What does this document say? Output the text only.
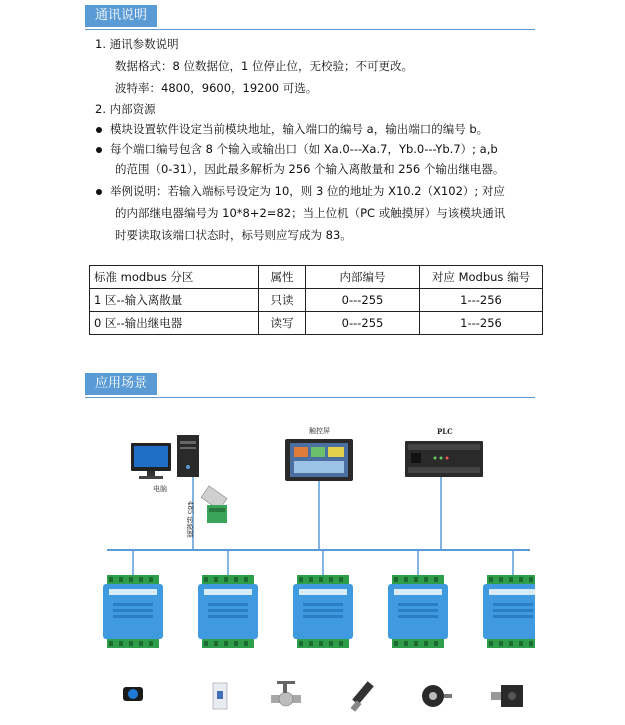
通讯说明
1. 通讯参数说明
数据格式：8 位数据位，1 位停止位，无校验；不可更改。
波特率：4800，9600，19200 可选。
2. 内部资源
模块设置软件设定当前模块地址，输入端口的编号 a，输出端口的编号 b。
每个端口编号包含 8 个输入或输出口（如 Xa.0---Xa.7，Yb.0---Yb.7）; a,b
的范围（0-31），因此最多解析为 256 个输入离散量和 256 个输出继电器。
举例说明：若输入端标号设定为 10，则 3 位的地址为 X10.2（X102）; 对应
的内部继电器编号为 10*8+2=82；当上位机（PC 或触摸屏）与该模块通讯
时要读取该端口状态时，标号则应写成为 83。
标准 modbus 分区	属性	内部编号	对应 Modbus 编号
1 区--输入离散量	只读	0---255	1---256
0 区--输出继电器	读写	0---255	1---256
应用场景
电脑
485 转换器
触控屏	PLC
